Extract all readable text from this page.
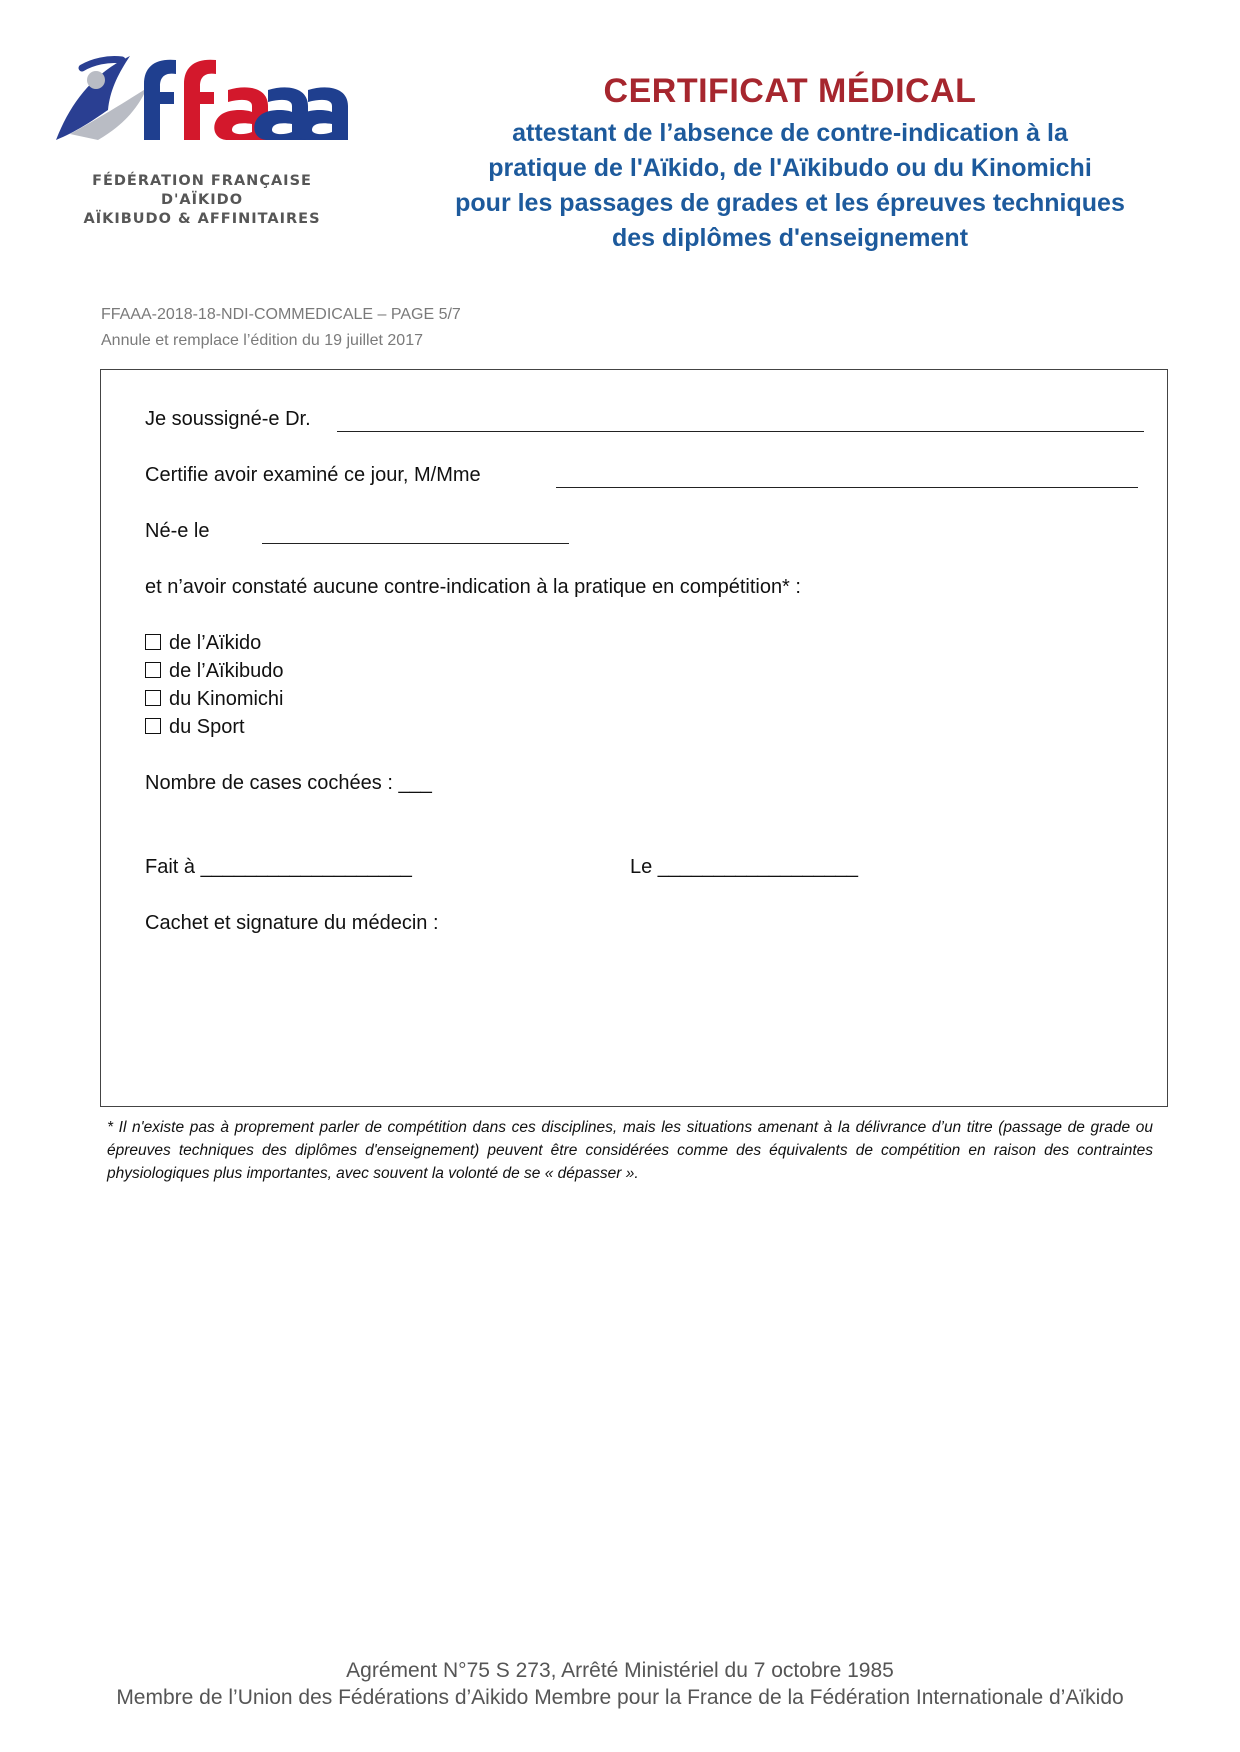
FÉDÉRATION FRANÇAISE D'AÏKIDO
AÏKIBUDO & AFFINITAIRES
CERTIFICAT MÉDICAL
attestant de l’absence de contre-indication à la
pratique de l'Aïkido, de l'Aïkibudo ou du Kinomichi
pour les passages de grades et les épreuves techniques
des diplômes d'enseignement
FFAAA-2018-18-NDI-COMMEDICALE – PAGE 5/7
Annule et remplace l’édition du 19 juillet 2017
Je soussigné-e Dr.
Certifie avoir examiné ce jour, M/Mme
Né-e le
et n’avoir constaté aucune contre-indication à la pratique en compétition* :
de l’Aïkido
de l’Aïkibudo
du Kinomichi
du Sport
Nombre de cases cochées : ___
Fait à ___________________	Le __________________
Cachet et signature du médecin :
* Il n'existe pas à proprement parler de compétition dans ces disciplines, mais les situations amenant à la délivrance d’un titre (passage de grade ou épreuves techniques des diplômes d'enseignement) peuvent être considérées comme des équivalents de compétition en raison des contraintes physiologiques plus importantes, avec souvent la volonté de se « dépasser ».
Agrément N°75 S 273, Arrêté Ministériel du 7 octobre 1985
Membre de l’Union des Fédérations d’Aikido Membre pour la France de la Fédération Internationale d’Aïkido
